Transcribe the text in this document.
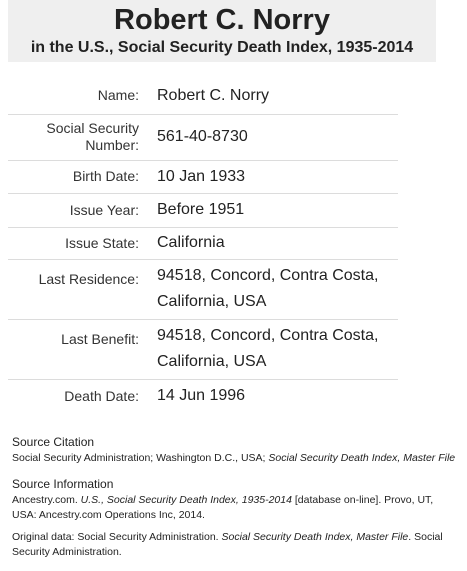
Robert C. Norry
in the U.S., Social Security Death Index, 1935-2014
Name:	Robert C. Norry
Social Security
Number:	561-40-8730
Birth Date:	10 Jan 1933
Issue Year:	Before 1951
Issue State:	California
Last Residence:	94518, Concord, Contra Costa,
California, USA
Last Benefit:	94518, Concord, Contra Costa,
California, USA
Death Date:	14 Jun 1996
Source Citation
Social Security Administration; Washington D.C., USA; Social Security Death Index, Master File
Source Information
Ancestry.com. U.S., Social Security Death Index, 1935-2014 [database on-line]. Provo, UT, USA: Ancestry.com Operations Inc, 2014.
Original data: Social Security Administration. Social Security Death Index, Master File. Social Security Administration.
